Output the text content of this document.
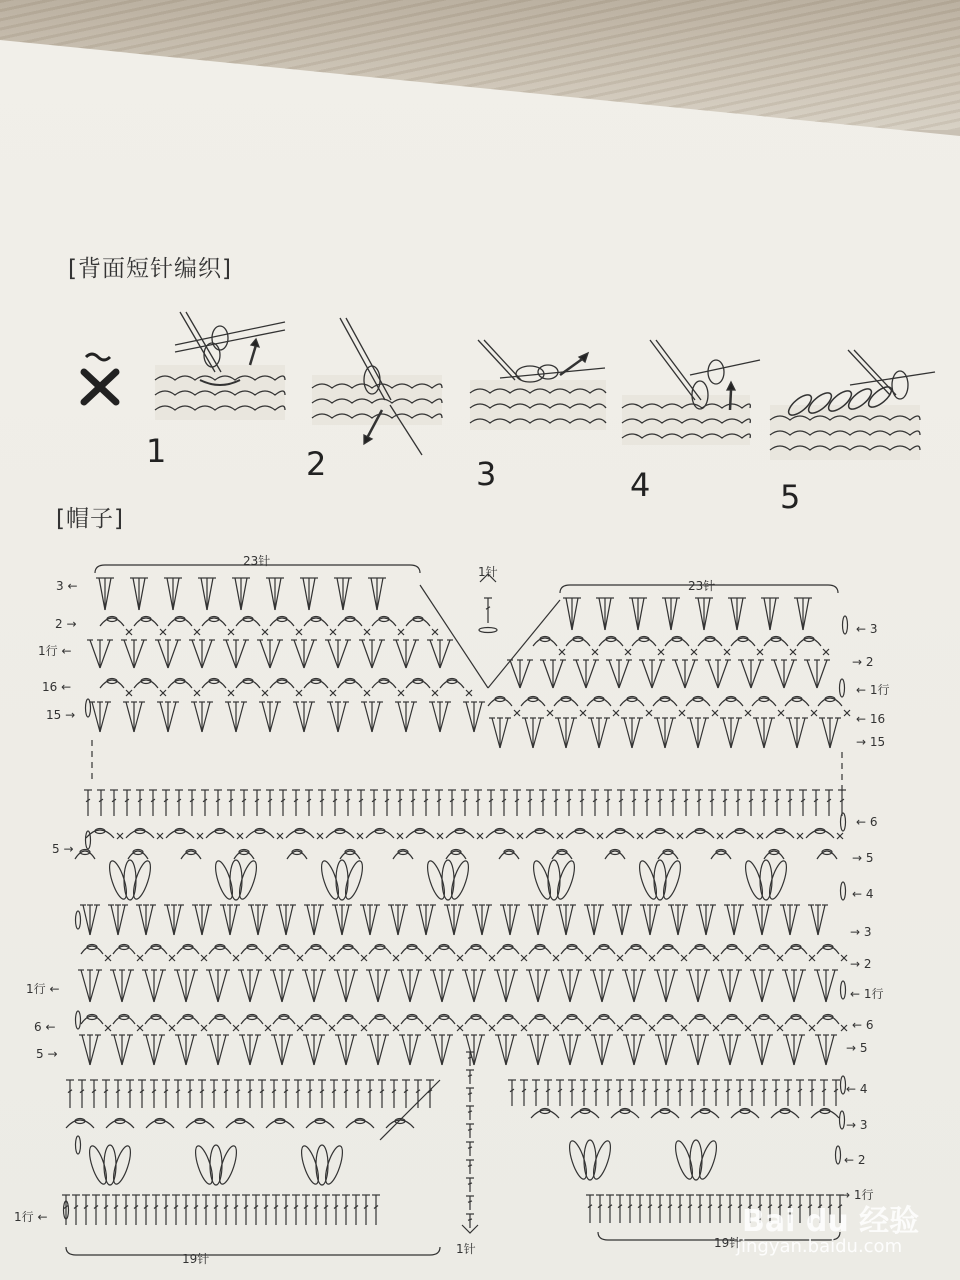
[背面短针编织]
[帽子]
1	2	3	4	5
23针
1针
23针
19针
1针	19针
3 ←
2 →
1行 ←
16 ←
15 →
5 →
1行 ←
6 ←
5 →
1行 ←
← 3
→ 2
← 1行
← 16
→ 15
← 6
→ 5
← 4
→ 3
→ 2
← 1行
← 6
→ 5
← 4
→ 3
← 2
→ 1行
Bai du 经验
jingyan.baidu.com
